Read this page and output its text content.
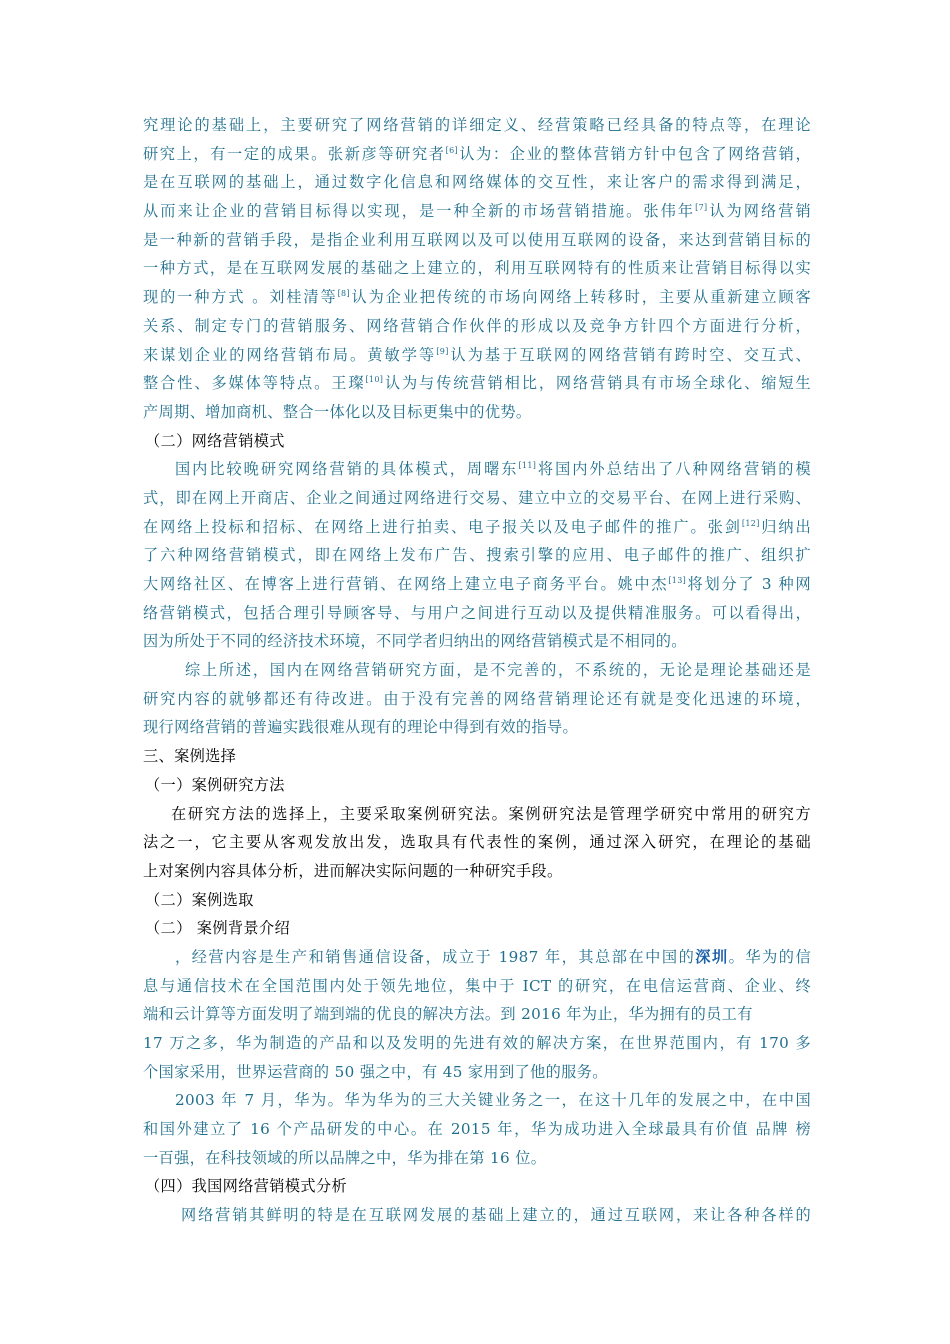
究理论的基础上，主要研究了网络营销的详细定义、经营策略已经具备的特点等，在理论
研究上，有一定的成果。张新彦等研究者[6]认为：企业的整体营销方针中包含了网络营销，
是在互联网的基础上，通过数字化信息和网络媒体的交互性，来让客户的需求得到满足，
从而来让企业的营销目标得以实现，是一种全新的市场营销措施。张伟年[7]认为网络营销
是一种新的营销手段，是指企业利用互联网以及可以使用互联网的设备，来达到营销目标的
一种方式，是在互联网发展的基础之上建立的，利用互联网特有的性质来让营销目标得以实
现的一种方式 。刘桂清等[8]认为企业把传统的市场向网络上转移时，主要从重新建立顾客
关系、制定专门的营销服务、网络营销合作伙伴的形成以及竞争方针四个方面进行分析，
来谋划企业的网络营销布局。黄敏学等[9]认为基于互联网的网络营销有跨时空、交互式、
整合性、多媒体等特点。王璨[10]认为与传统营销相比，网络营销具有市场全球化、缩短生
产周期、增加商机、整合一体化以及目标更集中的优势。
（二）网络营销模式
国内比较晚研究网络营销的具体模式，周曙东[11]将国内外总结出了八种网络营销的模
式，即在网上开商店、企业之间通过网络进行交易、建立中立的交易平台、在网上进行采购、
在网络上投标和招标、在网络上进行拍卖、电子报关以及电子邮件的推广。张剑[12]归纳出
了六种网络营销模式，即在网络上发布广告、搜索引擎的应用、电子邮件的推广、组织扩
大网络社区、在博客上进行营销、在网络上建立电子商务平台。姚中杰[13]将划分了 3 种网
络营销模式，包括合理引导顾客导、与用户之间进行互动以及提供精准服务。可以看得出，
因为所处于不同的经济技术环境，不同学者归纳出的网络营销模式是不相同的。
综上所述，国内在网络营销研究方面，是不完善的，不系统的，无论是理论基础还是
研究内容的就够都还有待改进。由于没有完善的网络营销理论还有就是变化迅速的环境，
现行网络营销的普遍实践很难从现有的理论中得到有效的指导。
三、案例选择
（一）案例研究方法
在研究方法的选择上，主要采取案例研究法。案例研究法是管理学研究中常用的研究方
法之一，它主要从客观发放出发，选取具有代表性的案例，通过深入研究，在理论的基础
上对案例内容具体分析，进而解决实际问题的一种研究手段。
（二）案例选取
（二） 案例背景介绍
，经营内容是生产和销售通信设备，成立于 1987 年，其总部在中国的深圳。华为的信
息与通信技术在全国范围内处于领先地位，集中于 ICT 的研究，在电信运营商、企业、终
端和云计算等方面发明了端到端的优良的解决方法。到 2016 年为止，华为拥有的员工有
17 万之多，华为制造的产品和以及发明的先进有效的解决方案，在世界范围内，有 170 多
个国家采用，世界运营商的 50 强之中，有 45 家用到了他的服务。
2003 年 7 月，华为。华为华为的三大关键业务之一，在这十几年的发展之中，在中国
和国外建立了 16 个产品研发的中心。在 2015 年，华为成功进入全球最具有价值 品牌 榜
一百强，在科技领域的所以品牌之中，华为排在第 16 位。
（四）我国网络营销模式分析
网络营销其鲜明的特是在互联网发展的基础上建立的，通过互联网，来让各种各样的
